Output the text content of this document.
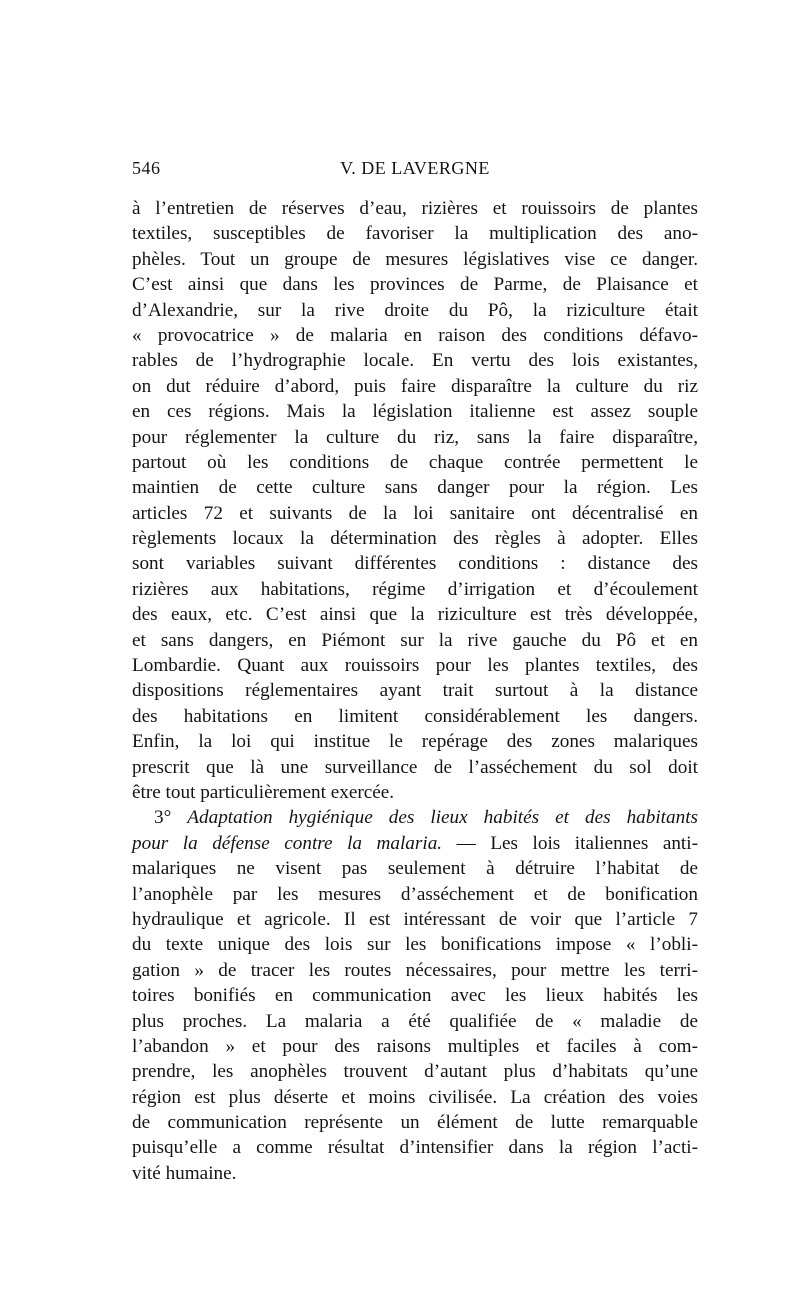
546	V. DE LAVERGNE
à l’entretien de réserves d’eau, rizières et rouissoirs de plantes
textiles, susceptibles de favoriser la multiplication des ano-
phèles. Tout un groupe de mesures législatives vise ce danger.
C’est ainsi que dans les provinces de Parme, de Plaisance et
d’Alexandrie, sur la rive droite du Pô, la riziculture était
« provocatrice » de malaria en raison des conditions défavo-
rables de l’hydrographie locale. En vertu des lois existantes,
on dut réduire d’abord, puis faire disparaître la culture du riz
en ces régions. Mais la législation italienne est assez souple
pour réglementer la culture du riz, sans la faire disparaître,
partout où les conditions de chaque contrée permettent le
maintien de cette culture sans danger pour la région. Les
articles 72 et suivants de la loi sanitaire ont décentralisé en
règlements locaux la détermination des règles à adopter. Elles
sont variables suivant différentes conditions : distance des
rizières aux habitations, régime d’irrigation et d’écoulement
des eaux, etc. C’est ainsi que la riziculture est très développée,
et sans dangers, en Piémont sur la rive gauche du Pô et en
Lombardie. Quant aux rouissoirs pour les plantes textiles, des
dispositions réglementaires ayant trait surtout à la distance
des habitations en limitent considérablement les dangers.
Enfin, la loi qui institue le repérage des zones malariques
prescrit que là une surveillance de l’asséchement du sol doit
être tout particulièrement exercée.
3° Adaptation hygiénique des lieux habités et des habitants
pour la défense contre la malaria. — Les lois italiennes anti-
malariques ne visent pas seulement à détruire l’habitat de
l’anophèle par les mesures d’asséchement et de bonification
hydraulique et agricole. Il est intéressant de voir que l’article 7
du texte unique des lois sur les bonifications impose « l’obli-
gation » de tracer les routes nécessaires, pour mettre les terri-
toires bonifiés en communication avec les lieux habités les
plus proches. La malaria a été qualifiée de « maladie de
l’abandon » et pour des raisons multiples et faciles à com-
prendre, les anophèles trouvent d’autant plus d’habitats qu’une
région est plus déserte et moins civilisée. La création des voies
de communication représente un élément de lutte remarquable
puisqu’elle a comme résultat d’intensifier dans la région l’acti-
vité humaine.
